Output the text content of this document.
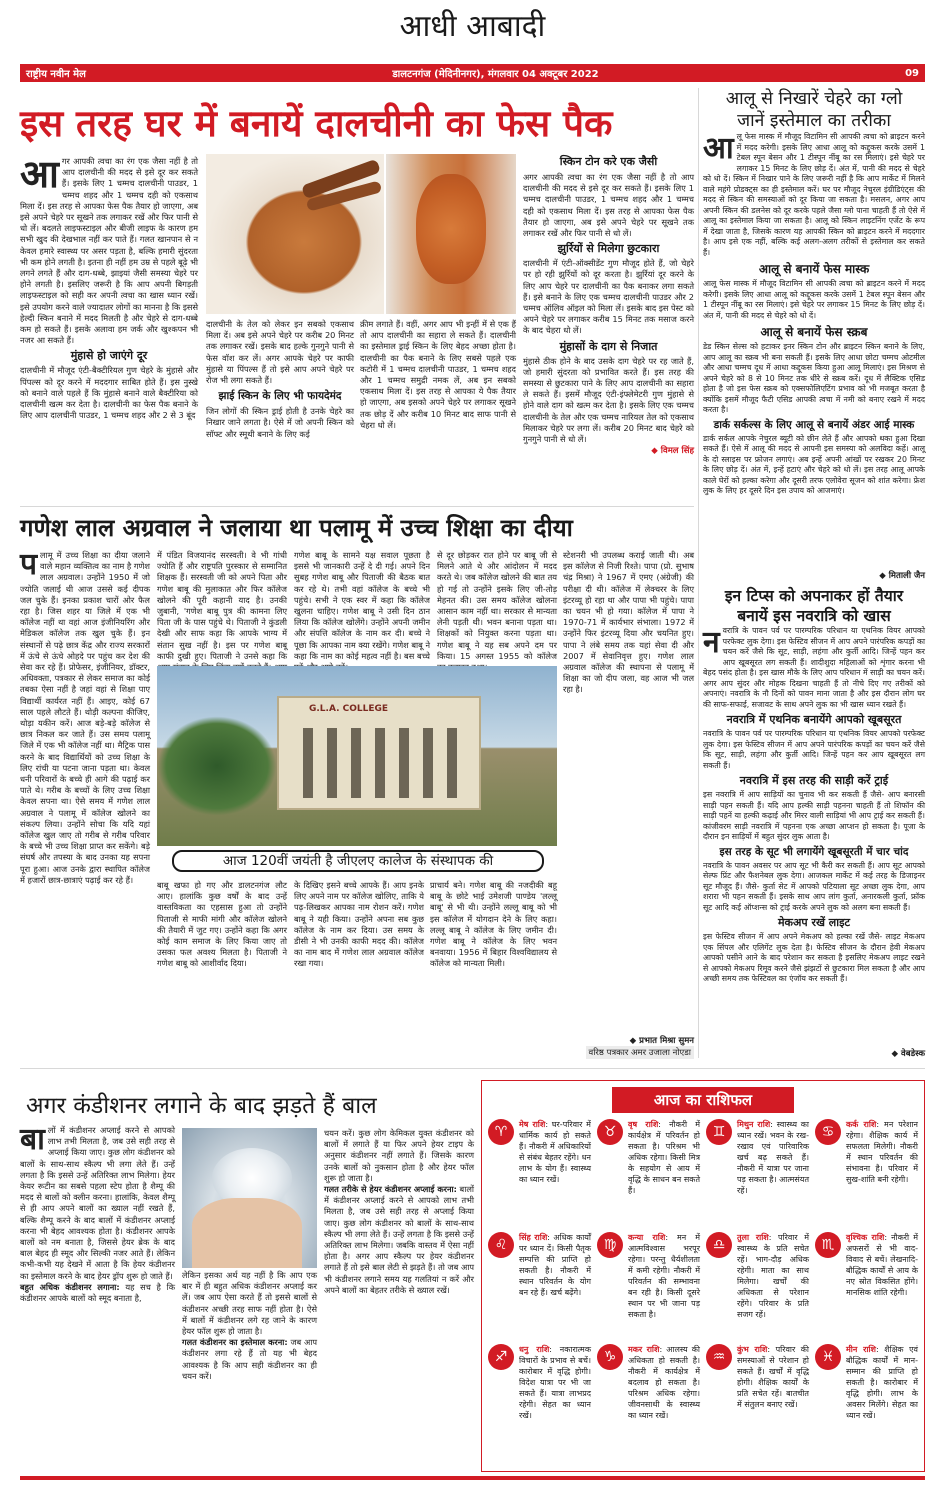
आधी आबादी
राष्ट्रीय नवीन मेल	डालटनगंज (मेदिनीनगर), मंगलवार 04 अक्टूबर 2022	09
इस तरह घर में बनायें दालचीनी का फेस पैक
आ गर आपकी त्वचा का रंग एक जैसा नहीं है तो आप दालचीनी की मदद से इसे दूर कर सकते हैं। इसके लिए 1 चम्मच दालचीनी पाउडर, 1 चम्मच शहद और 1 चम्मच दही को एकसाथ मिला दें। इस तरह से आपका फेस पैक तैयार हो जाएगा, अब इसे अपने चेहरे पर सूखने तक लगाकर रखें और फिर पानी से धो लें। बदलते लाइफस्टाइल और बीजी लाइफ के कारण हम सभी खुद की देखभाल नहीं कर पाते हैं। गलत खानपान से न केवल हमारे स्वास्थ्य पर असर पड़ता है, बल्कि हमारी सुंदरता भी कम होने लगती है। इतना ही नहीं हम उम्र से पहले बूढ़े भी लगने लगते हैं और दाग-धब्बे, झाइयां जैसी समस्या चेहरे पर होने लगती है। इसलिए जरूरी है कि आप अपनी बिगड़ती लाइफस्टाइल को सही कर अपनी त्वचा का खास ध्यान रखें। इसे उपयोग करने वाले ज्यादातर लोगों का मानना है कि इससे हेल्दी स्किन बनाने में मदद मिलती है और चेहरे से दाग-धब्बे कम हो सकते हैं। इसके अलावा हम जर्क और खुश्कपन भी नजर आ सकते हैं।

मुंहासे हो जाएंगे दूर

दालचीनी में मौजूद एंटी-बैक्टीरियल गुण चेहरे के मुंहासे और पिंपल्स को दूर करने में मददगार साबित होते हैं। इस नुस्खे को बनाने वाले पहले हैं कि मुंहासे बनाने वाले बैक्टीरिया को दालचीनी खत्म कर देता है। दालचीनी का फेस पैक बनाने के लिए आप दालचीनी पाउडर, 1 चम्मच शहद और 2 से 3 बूंद

दालचीनी के तेल को लेकर इन सबको एकसाथ मिला दें। अब इसे अपने चेहरे पर करीब 20 मिनट तक लगाकर रखें। इसके बाद हल्के गुनगुने पानी से फेस वॉश कर लें। अगर आपके चेहरे पर काफी मुंहासे या पिंपल्स हैं तो इसे आप अपने चेहरे पर रोज भी लगा सकते हैं।

झाई स्किन के लिए भी फायदेमंद

जिन लोगों की स्किन ड्राई होती है उनके चेहरे का निखार जाने लगता है। ऐसे में जो अपनी स्किन को सॉफ्ट और स्मूथी बनाने के लिए कई

क्रीम लगाते हैं। वहीं, अगर आप भी इन्हीं में से एक हैं तो आप दालचीनी का सहारा ले सकते हैं। दालचीनी का इस्तेमाल ड्राई स्किन के लिए बेहद अच्छा होता है। दालचीनी का पैक बनाने के लिए सबसे पहले एक कटोरी में 1 चम्मच दालचीनी पाउडर, 1 चम्मच शहद और 1 चम्मच समुद्री नमक लें, अब इन सबको एकसाथ मिला दें। इस तरह से आपका ये पैक तैयार हो जाएगा, अब इसको अपने चेहरे पर लगाकर सूखने तक छोड़ दें और करीब 10 मिनट बाद साफ पानी से चेहरा धो लें।

स्किन टोन करे एक जैसी

अगर आपकी त्वचा का रंग एक जैसा नहीं है तो आप दालचीनी की मदद से इसे दूर कर सकते हैं। इसके लिए 1 चम्मच दालचीनी पाउडर, 1 चम्मच शहद और 1 चम्मच दही को एकसाथ मिला दें। इस तरह से आपका फेस पैक तैयार हो जाएगा, अब इसे अपने चेहरे पर सूखने तक लगाकर रखें और फिर पानी से धो लें।

झुर्रियों से मिलेगा छुटकारा

दालचीनी में एंटी-ऑक्सीडेंट गुण मौजूद होते हैं, जो चेहरे पर हो रही झुर्रियों को दूर करता है। झुर्रियां दूर करने के लिए आप चेहरे पर दालचीनी का पैक बनाकर लगा सकते हैं। इसे बनाने के लिए एक चम्मच दालचीनी पाउडर और 2 चम्मच ऑलिव ऑइल को मिला लें। इसके बाद इस पेस्ट को अपने चेहरे पर लगाकर करीब 15 मिनट तक मसाज करने के बाद चेहरा धो लें।

मुंहासों के दाग से निजात

मुंहासे ठीक होने के बाद उसके दाग चेहरे पर रह जाते हैं, जो हमारी सुंदरता को प्रभावित करते हैं। इस तरह की समस्या से छुटकारा पाने के लिए आप दालचीनी का सहारा ले सकते हैं। इसमें मौजूद एंटी-इंफ्लेमेटरी गुण मुंहासे से होने वाले दाग को खत्म कर देता है। इसके लिए एक चम्मच दालचीनी के तेल और एक चम्मच नारियल तेल को एकसाथ मिलाकर चेहरे पर लगा लें। करीब 20 मिनट बाद चेहरे को गुनगुने पानी से धो लें।

◆ विमल सिंह
आलू से निखारें चेहरे का ग्लो
जानें इस्तेमाल का तरीका
आ लू फेस मास्क में मौजूद विटामिन सी आपकी त्वचा को ब्राइटन करने में मदद करेगी। इसके लिए आधा आलू को कद्दूकस करके उसमें 1 टेबल स्पून बेसन और 1 टीस्पून नींबू का रस मिलाएं। इसे चेहरे पर लगाकर 15 मिनट के लिए छोड़ दें। अंत में, पानी की मदद से चेहरे को धो दें। स्किन में निखार पाने के लिए जरूरी नहीं है कि आप मार्केट में मिलने वाले महंगे प्रोडक्ट्स का ही इस्तेमाल करें। घर पर मौजूद नेचुरल इंग्रीडिएंट्स की मदद से स्किन की समस्याओं को दूर किया जा सकता है। मसलन, अगर आप अपनी स्किन की डलनेस को दूर करके पहले जैसा ग्लो पाना चाहती हैं तो ऐसे में आलू का इस्तेमाल किया जा सकता है। आलू को स्किन लाइटनिंग एजेंट के रूप में देखा जाता है, जिसके कारण यह आपकी स्किन को ब्राइटन करने में मददगार है। आप इसे एक नहीं, बल्कि कई अलग-अलग तरीकों से इस्तेमाल कर सकते हैं।

आलू से बनायें फेस मास्क

आलू फेस मास्क में मौजूद विटामिन सी आपकी त्वचा को ब्राइटन करने में मदद करेगी। इसके लिए आधा आलू को कद्दूकस करके उसमें 1 टेबल स्पून बेसन और 1 टीस्पून नींबू का रस मिलाएं। इसे चेहरे पर लगाकर 15 मिनट के लिए छोड़ दें। अंत में, पानी की मदद से चेहरे को धो दें।

आलू से बनायें फेस स्क्रब

डेड स्किन सेल्स को हटाकर इनर स्किन टोन और ब्राइटन स्किन बनाने के लिए, आप आलू का स्क्रब भी बना सकती हैं। इसके लिए आधा छोटा चम्मच ओटमील और आधा चम्मच दूध में आधा कद्दूकस किया हुआ आलू मिलाएं। इस मिश्रण से अपने चेहरे को 8 से 10 मिनट तक धीरे से स्क्रब करें। दूध में लैक्टिक एसिड होता है जो इस फेस स्क्रब को एक्सफोलिएटिंग प्रभाव को भी मजबूत करता है क्योंकि इसमें मौजूद फैटी एसिड आपकी त्वचा में नमी को बनाए रखने में मदद करता है।

डार्क सर्कल्स के लिए आलू से बनायें अंडर आई मास्क

डार्क सर्कल आपके नेचुरल ब्यूटी को छीन लेते हैं और आपको थका हुआ दिखा सकते हैं। ऐसे में आलू की मदद से आपनी इस समस्या को अलविदा कहें। आलू के दो स्लाइस पर फ्रोजन लगाएं। अब इन्हें अपनी आंखों पर रखकर 20 मिनट के लिए छोड़ दें। अंत में, इन्हें हटाएं और चेहरे को धो लें। इस तरह आलू आपके काले घेरों को हल्का करेगा और दूसरी तरफ एलोवेरा सूजन को शांत करेगा। फ्रेश लुक के लिए हर दूसरे दिन इस उपाय को आजमाएं।

◆ मिताली जैन
इन टिप्स को अपनाकर हों तैयार
बनायें इस नवरात्रि को खास
न वरात्रि के पावन पर्व पर पारम्परिक परिधान या एथनिक वियर आपको परफेक्ट लुक देगा। इस फेस्टिव सीजन में आप अपने पारंपरिक कपड़ों का चयन करें जैसे कि सूट, साड़ी, लहंगा और कुर्ती आदि। जिन्हें पहन कर आप खूबसूरत लग सकती हैं। शादीशुदा महिलाओं को शृंगार करना भी बेहद पसंद होता है। इस खास मौके के लिए आप परिधान में साड़ी का चयन करें। अगर आप सुंदर और मोहक दिखना चाहती हैं तो नीचे दिए गए तरीकों को अपनाएं। नवरात्रि के नौ दिनों को पावन माना जाता है और इस दौरान लोग घर की साफ-सफाई, सजावट के साथ अपने लुक का भी खास ध्यान रखते हैं।

नवरात्रि में एथनिक बनायेंगे आपको खूबसूरत

नवरात्रि के पावन पर्व पर पारम्परिक परिधान या एथनिक वियर आपको परफेक्ट लुक देगा। इस फेस्टिव सीजन में आप अपने पारंपरिक कपड़ों का चयन करें जैसे कि सूट, साड़ी, लहंगा और कुर्ती आदि। जिन्हें पहन कर आप खूबसूरत लग सकती हैं।

नवरात्रि में इस तरह की साड़ी करें ट्राई

इस नवरात्रि में आप साड़ियों का चुनाव भी कर सकती हैं जैसे- आप बनारसी साड़ी पहन सकती हैं। यदि आप हल्की साड़ी पहनना चाहती हैं तो शिफॉन की साड़ी पहनें या हल्की कढ़ाई और मिरर वाली साड़ियां भी आप ट्राई कर सकती हैं। कांजीवरम साड़ी नवरात्रि में पहनना एक अच्छा आप्शन हो सकता है। पूजा के दौरान इन साड़ियों में बहुत सुंदर लुक आता है।

इस तरह के सूट भी लगायेंगे खूबसूरती में चार चांद

नवरात्रि के पावन अवसर पर आप सूट भी कैरी कर सकती हैं। आप सूट आपको सेल्फ प्रिंट और फैशनेबल लुक देगा। आजकल मार्केट में कई तरह के डिजाइनर सूट मौजूद हैं। जैसे- कुर्ता सेट में आपको पटियाला सूट अच्छा लुक देगा, आप शरारा भी पहन सकती हैं। इसके साथ आप लांग कुर्ता, अनारकली कुर्ता, फ्रॉक सूट आदि कई ऑप्शन्स को ट्राई करके अपने लुक को अलग बना सकती हैं।

मेकअप रखें लाइट

इस फेस्टिव सीजन में आप अपने मेकअप को हल्का रखें जैसे- लाइट मेकअप एक सिंपल और एलिगेंट लुक देता है। फेस्टिव सीजन के दौरान हेवी मेकअप आपको पसीने आने के बाद परेशान कर सकता है इसलिए मेकअप लाइट रखने से आपको मेकअप रिमूव करने जैसे झंझटों से छुटकारा मिल सकता है और आप अच्छी समय तक फेस्टिवल का एंजॉय कर सकती हैं।

◆ वेबडेस्क
गणेश लाल अग्रवाल ने जलाया था पलामू में उच्च शिक्षा का दीया
प लामू में उच्च शिक्षा का दीया जलाने वाले महान व्यक्तित्व का नाम है गणेश लाल अग्रवाल। उन्होंने 1950 में जो ज्योति जलाई थी आज उससे कई दीपक जल चुके हैं। इनका प्रकाश चारों ओर फैल रहा है। जिस शहर या जिले में एक भी कॉलेज नहीं था वहां आज इंजीनियरिंग और मेडिकल कॉलेज तक खुल चुके हैं। इन संस्थानों से पढ़े छात्र केंद्र और राज्य सरकारों में ऊंचे से ऊंचे ओहदे पर पहुंच कर देश की सेवा कर रहे हैं। प्रोफेसर, इंजीनियर, डॉक्टर, अधिवक्ता, पत्रकार से लेकर समाज का कोई तबका ऐसा नहीं है जहां वहां से शिक्षा पाए विद्यार्थी कार्यरत नहीं हैं। आइए, कोई 67 साल पहले लौटते हैं। थोड़ी कल्पना कीजिए, थोड़ा यकीन करें। आज बड़े-बड़े कॉलेज से छात्र निकल कर जाते हैं। उस समय पलामू जिले में एक भी कॉलेज नहीं था। मैट्रिक पास करने के बाद विद्यार्थियों को उच्च शिक्षा के लिए रांची या पटना जाना पड़ता था। केवल धनी परिवारों के बच्चे ही आगे की पढ़ाई कर पाते थे। गरीब के बच्चों के लिए उच्च शिक्षा केवल सपना था। ऐसे समय में गणेश लाल अग्रवाल ने पलामू में कॉलेज खोलने का संकल्प लिया। उन्होंने सोचा कि यदि यहां कॉलेज खुल जाए तो गरीब से गरीब परिवार के बच्चे भी उच्च शिक्षा प्राप्त कर सकेंगे। बड़े संघर्ष और तपस्या के बाद उनका यह सपना पूरा हुआ। आज उनके द्वारा स्थापित कॉलेज में हजारों छात्र-छात्राएं पढ़ाई कर रहे हैं।

में पंडित विजयानंद सरस्वती। वे भी गांधी ज्योति हैं और राष्ट्रपति पुरस्कार से सम्मानित शिक्षक हैं। सरस्वती जी को अपने पिता और गणेश बाबू की मुलाकात और फिर कॉलेज खोलने की पूरी कहानी याद है। उनकी जुबानी, 'गणेश बाबू पुत्र की कामना लिए पिता जी के पास पहुंचे थे। पिताजी ने कुंडली देखी और साफ कहा कि आपके भाग्य में संतान सुख नहीं है। इस पर गणेश बाबू काफी दुखी हुए। पिताजी ने उनसे कहा कि

गणेश बाबू के सामने यक्ष सवाल पूछता है इससे भी जानकारी उन्हें दे दी गई। अपने दिन सुबह गणेश बाबू और पिताजी की बैठक बात कर रहे थे। तभी वहां कॉलेज के बच्चे भी पहुंचे। सभी ने एक स्वर में कहा कि कॉलेज खुलना चाहिए। गणेश बाबू ने उसी दिन ठान लिया कि कॉलेज खोलेंगे। उन्होंने अपनी जमीन और संपत्ति कॉलेज के नाम कर दी। बच्चे ने पूछा कि आपका नाम क्या रखेंगे। गणेश बाबू ने कहा कि नाम का कोई महत्व नहीं है। बस बच्चे

से दूर छोड़कर रात होने पर बाबू जी से मिलने आते थे और आंदोलन में मदद करते थे। जब कॉलेज खोलने की बात तय हो गई तो उन्होंने इसके लिए जी-तोड़ मेहनत की। उस समय कॉलेज खोलना आसान काम नहीं था। सरकार से मान्यता लेनी पड़ती थी। भवन बनाना पड़ता था। शिक्षकों को नियुक्त करना पड़ता था। गणेश बाबू ने यह सब अपने दम पर किया। 15 अगस्त 1955 को कॉलेज

स्टेशनरी भी उपलब्ध कराई जाती थी। अब इस कॉलेज से निजी रिश्ते। पापा (प्रो. सुभाष चंद्र मिश्रा) ने 1967 में एमए (अंग्रेजी) की परीक्षा दी थी। कॉलेज में लेक्चरर के लिए इंटरव्यू हो रहा था और पापा भी पहुंचे। पापा का चयन भी हो गया। कॉलेज में पापा ने 1970-71 में कार्यभार संभाला। 1972 में उन्होंने फिर इंटरव्यू दिया और चयनित हुए। पापा ने लंबे समय तक यहां सेवा दी और 2007 में सेवानिवृत्त हुए। गणेश लाल अग्रवाल कॉलेज की स्थापना से पलामू में शिक्षा का जो दीप जला, वह आज भी जल रहा है।

G.L.A. COLLEGE
आज 120वीं जयंती है जीएलए कालेज के संस्थापक की

बाबू खफा हो गए और डालटनगंज लौट आए। हालांकि कुछ वर्षों के बाद उन्हें वास्तविकता का एहसास हुआ तो उन्होंने पिताजी से माफी मांगी और कॉलेज खोलने की तैयारी में जुट गए। उन्होंने कहा कि अगर कोई काम समाज के लिए किया जाए तो उसका फल अवश्य मिलता है। पिताजी ने गणेश बाबू को आशीर्वाद दिया।

के दिखिए इसने बच्चे आपके हैं। आप इनके लिए अपने नाम पर कॉलेज खोलिए, ताकि ये पढ़-लिखकर आपका नाम रोशन करें। गणेश बाबू ने यही किया। उन्होंने अपना सब कुछ कॉलेज के नाम कर दिया। उस समय के डीसी ने भी उनकी काफी मदद की। कॉलेज का नाम बाद में गणेश लाल अग्रवाल कॉलेज रखा गया।

प्राचार्य बने। गणेश बाबू की नजदीकी बहू बाबू के छोटे भाई उमेशजी पाण्डेय 'लल्लू बाबू' से भी थी। उन्होंने लल्लू बाबू को भी इस कॉलेज में योगदान देने के लिए कहा। लल्लू बाबू ने कॉलेज के लिए जमीन दी। गणेश बाबू ने कॉलेज के लिए भवन बनवाया। 1956 में बिहार विश्वविद्यालय से कॉलेज को मान्यता मिली।

◆ प्रभात मिश्रा सुमन
वरिष्ठ पत्रकार अमर उजाला नोएडा
अगर कंडीशनर लगाने के बाद झड़ते हैं बाल
बा लों में कंडीशनर अप्लाई करने से आपको लाभ तभी मिलता है, जब उसे सही तरह से अप्लाई किया जाए। कुछ लोग कंडीशनर को बालों के साथ-साथ स्कैल्प भी लगा लेते हैं। उन्हें लगता है कि इससे उन्हें अतिरिक्त लाभ मिलेगा। हेयर केयर रूटीन का सबसे पहला स्टेप होता है शैम्पू की मदद से बालों को क्लीन करना। हालांकि, केवल शैम्पू से ही आप अपने बालों का ख्याल नहीं रखते हैं, बल्कि शैम्पू करने के बाद बालों में कंडीशनर अप्लाई करना भी बेहद आवश्यक होता है। कंडीशनर आपके बालों को नम बनाता है, जिससे हेयर ब्रेक के बाद बाल बेहद ही स्मूद और सिल्की नजर आते हैं। लेकिन कभी-कभी यह देखने में आता है कि हेयर कंडीशनर का इस्तेमाल करने के बाद हेयर ड्रॉप शुरू हो जाते हैं।

बहुत अधिक कंडीशनर लगाना: यह सच है कि कंडीशनर आपके बालों को स्मूद बनाता है,

लेकिन इसका अर्थ यह नहीं है कि आप एक बार में ही बहुत अधिक कंडीशनर अप्लाई कर लें। जब आप ऐसा करते हैं तो इससे बालों से कंडीशनर अच्छी तरह साफ नहीं होता है। ऐसे में बालों में कंडीशनर लगे रह जाने के कारण हेयर फॉल शुरू हो जाता है।

गलत कंडीशनर का इस्तेमाल करना: जब आप कंडीशनर लगा रहे हैं तो यह भी बेहद आवश्यक है कि आप सही कंडीशनर का ही चयन करें।

चयन करें। कुछ लोग केमिकल युक्त कंडीशनर को बालों में लगाते हैं या फिर अपने हेयर टाइप के अनुसार कंडीशनर नहीं लगाते हैं। जिसके कारण उनके बालों को नुकसान होता है और हेयर फॉल शुरू हो जाता है।

गलत तरीके से हेयर कंडीशनर अप्लाई करना: बालों में कंडीशनर अप्लाई करने से आपको लाभ तभी मिलता है, जब उसे सही तरह से अप्लाई किया जाए। कुछ लोग कंडीशनर को बालों के साथ-साथ स्कैल्प भी लगा लेते हैं। उन्हें लगता है कि इससे उन्हें अतिरिक्त लाभ मिलेगा। जबकि वास्तव में ऐसा नहीं होता है। अगर आप स्कैल्प पर हेयर कंडीशनर लगाते हैं तो इसे बाल लेटी से झड़ते हैं। तो जब आप भी कंडीशनर लगाने समय यह गलतियां न करें और अपने बालों का बेहतर तरीके से ख्याल रखें।

आज का राशिफल
♈	मेष राशि: घर-परिवार में धार्मिक कार्य हो सकते हैं। नौकरी में अधिकारियों से संबंध बेहतर रहेंगे। धन लाभ के योग हैं। स्वास्थ्य का ध्यान रखें।
♉	वृष राशि: नौकरी में कार्यक्षेत्र में परिवर्तन हो सकता है। परिश्रम भी अधिक रहेगा। किसी मित्र के सहयोग से आय में वृद्धि के साधन बन सकते हैं।
♊	मिथुन राशि: स्वास्थ्य का ध्यान रखें। भवन के रख-रखाव एवं पारिवारिक खर्च बढ़ सकते हैं। नौकरी में यात्रा पर जाना पड़ सकता है। आत्मसंयत रहें।
♋	कर्क राशि: मन परेशान रहेगा। शैक्षिक कार्य में सफलता मिलेगी। नौकरी में स्थान परिवर्तन की संभावना है। परिवार में सुख-शांति बनी रहेगी।
♌	सिंह राशि: अधिक कार्यों पर ध्यान दें। किसी पैतृक सम्पत्ति की प्राप्ति हो सकती है। नौकरी में स्थान परिवर्तन के योग बन रहे हैं। खर्च बढ़ेंगे।
♍	कन्या राशि: मन में आत्मविश्वास भरपूर रहेगा। परन्तु धैर्यशीलता में कमी रहेगी। नौकरी में परिवर्तन की सम्भावना बन रही है। किसी दूसरे स्थान पर भी जाना पड़ सकता है।
♎	तुला राशि: परिवार में स्वास्थ्य के प्रति सचेत रहें। भाग-दौड़ अधिक रहेगी। माता का साथ मिलेगा। खर्चों की अधिकता से परेशान रहेंगे। परिवार के प्रति सजग रहें।
♏	वृश्चिक राशि: नौकरी में अफसरों से भी वाद-विवाद से बचें। लेखनादि-बौद्धिक कार्यों से आय के नए स्रोत विकसित होंगे। मानसिक शांति रहेगी।
♐	धनु राशि: नकारात्मक विचारों के प्रभाव से बचें। कारोबार में वृद्धि होगी। विदेश यात्रा पर भी जा सकते हैं। यात्रा लाभप्रद रहेगी। सेहत का ध्यान रखें।
♑	मकर राशि: आलस्य की अधिकता हो सकती है। नौकरी में कार्यक्षेत्र में बदलाव हो सकता है। परिश्रम अधिक रहेगा। जीवनसाथी के स्वास्थ्य का ध्यान रखें।
♒	कुंभ राशि: परिवार की समस्याओं से परेशान हो सकते हैं। खर्चों में वृद्धि होगी। शैक्षिक कार्यों के प्रति सचेत रहें। बातचीत में संतुलन बनाए रखें।
♓	मीन राशि: शैक्षिक एवं बौद्धिक कार्यों में मान-सम्मान की प्राप्ति हो सकती है। कारोबार में वृद्धि होगी। लाभ के अवसर मिलेंगे। सेहत का ध्यान रखें।
